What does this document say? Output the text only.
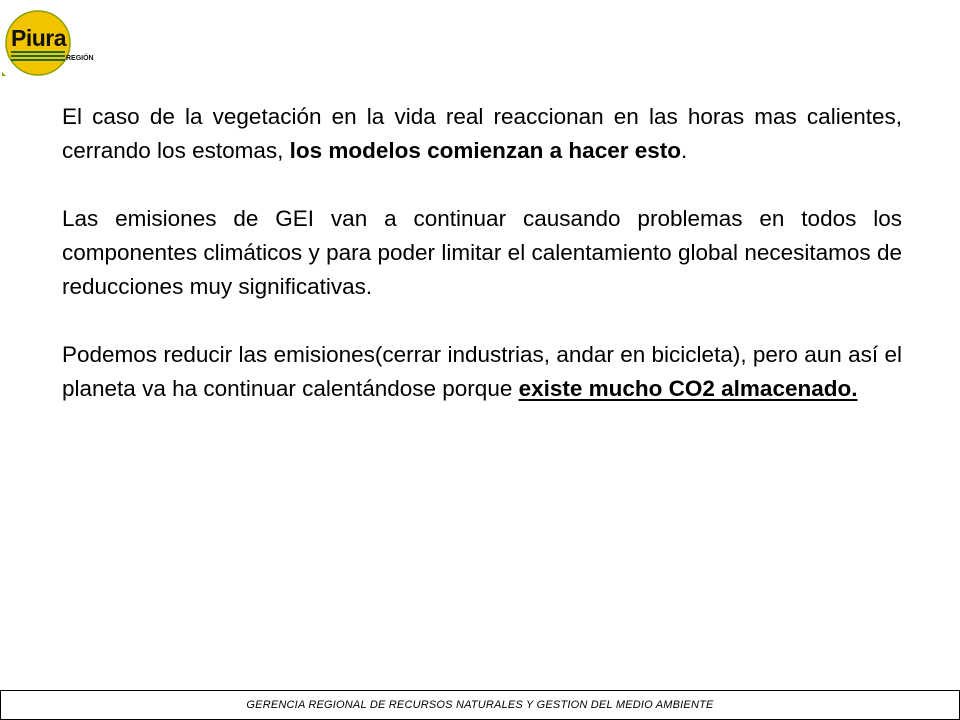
Piura
REGIÓN

El caso de la vegetación en la vida real reaccionan en las horas mas calientes, cerrando los estomas, los modelos comienzan a hacer esto.

Las emisiones de GEI van a continuar causando problemas en todos los componentes climáticos y para poder limitar el calentamiento global necesitamos de reducciones muy significativas.

Podemos reducir las emisiones(cerrar industrias, andar en bicicleta), pero aun así el planeta va ha continuar calentándose porque existe mucho CO2 almacenado.

GERENCIA REGIONAL DE RECURSOS NATURALES Y GESTION DEL MEDIO AMBIENTE
